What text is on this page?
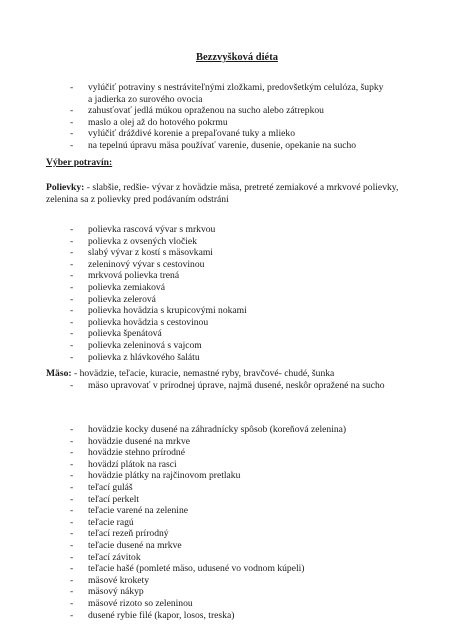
Bezzvyšková diéta
- vylúčiť potraviny s nestráviteľnými zložkami, predovšetkým celulóza, šupky
a jadierka zo surového ovocia
- zahusťovať jedlá múkou opraženou na sucho alebo zátrepkou
- maslo a olej až do hotového pokrmu
- vylúčiť dráždivé korenie a prepaľované tuky a mlieko
- na tepelnú úpravu mäsa používať varenie, dusenie, opekanie na sucho
Výber potravín:
Polievky: - slabšie, redšie- vývar z hovädzie mäsa, pretreté zemiakové a mrkvové polievky,
zelenina sa z polievky pred podávaním odstráni
- polievka rascová vývar s mrkvou
- polievka z ovsených vločiek
- slabý vývar z kostí s mäsovkami
- zeleninový vývar s cestovinou
- mrkvová polievka trená
- polievka zemiaková
- polievka zelerová
- polievka hovädzia s krupicovými nokami
- polievka hovädzia s cestovinou
- polievka špenátová
- polievka zeleninová s vajcom
- polievka z hlávkového šalátu
Mäso: - hovädzie, teľacie, kuracie, nemastné ryby, bravčové- chudé, šunka
- mäso upravovať v prírodnej úprave, najmä dusené, neskôr opražené na sucho
- hovädzie kocky dusené na záhradnícky spôsob (koreňová zelenina)
- hovädzie dusené na mrkve
- hovädzie stehno prírodné
- hovädzí plátok na rasci
- hovädzie plátky na rajčinovom pretlaku
- teľací guláš
- teľací perkelt
- teľacie varené na zelenine
- teľacie ragú
- teľací rezeň prírodný
- teľacie dusené na mrkve
- teľací závitok
- teľacie hašé (pomleté mäso, udusené vo vodnom kúpeli)
- mäsové krokety
- mäsový nákyp
- mäsové rizoto so zeleninou
- dusené rybie filé (kapor, losos, treska)
